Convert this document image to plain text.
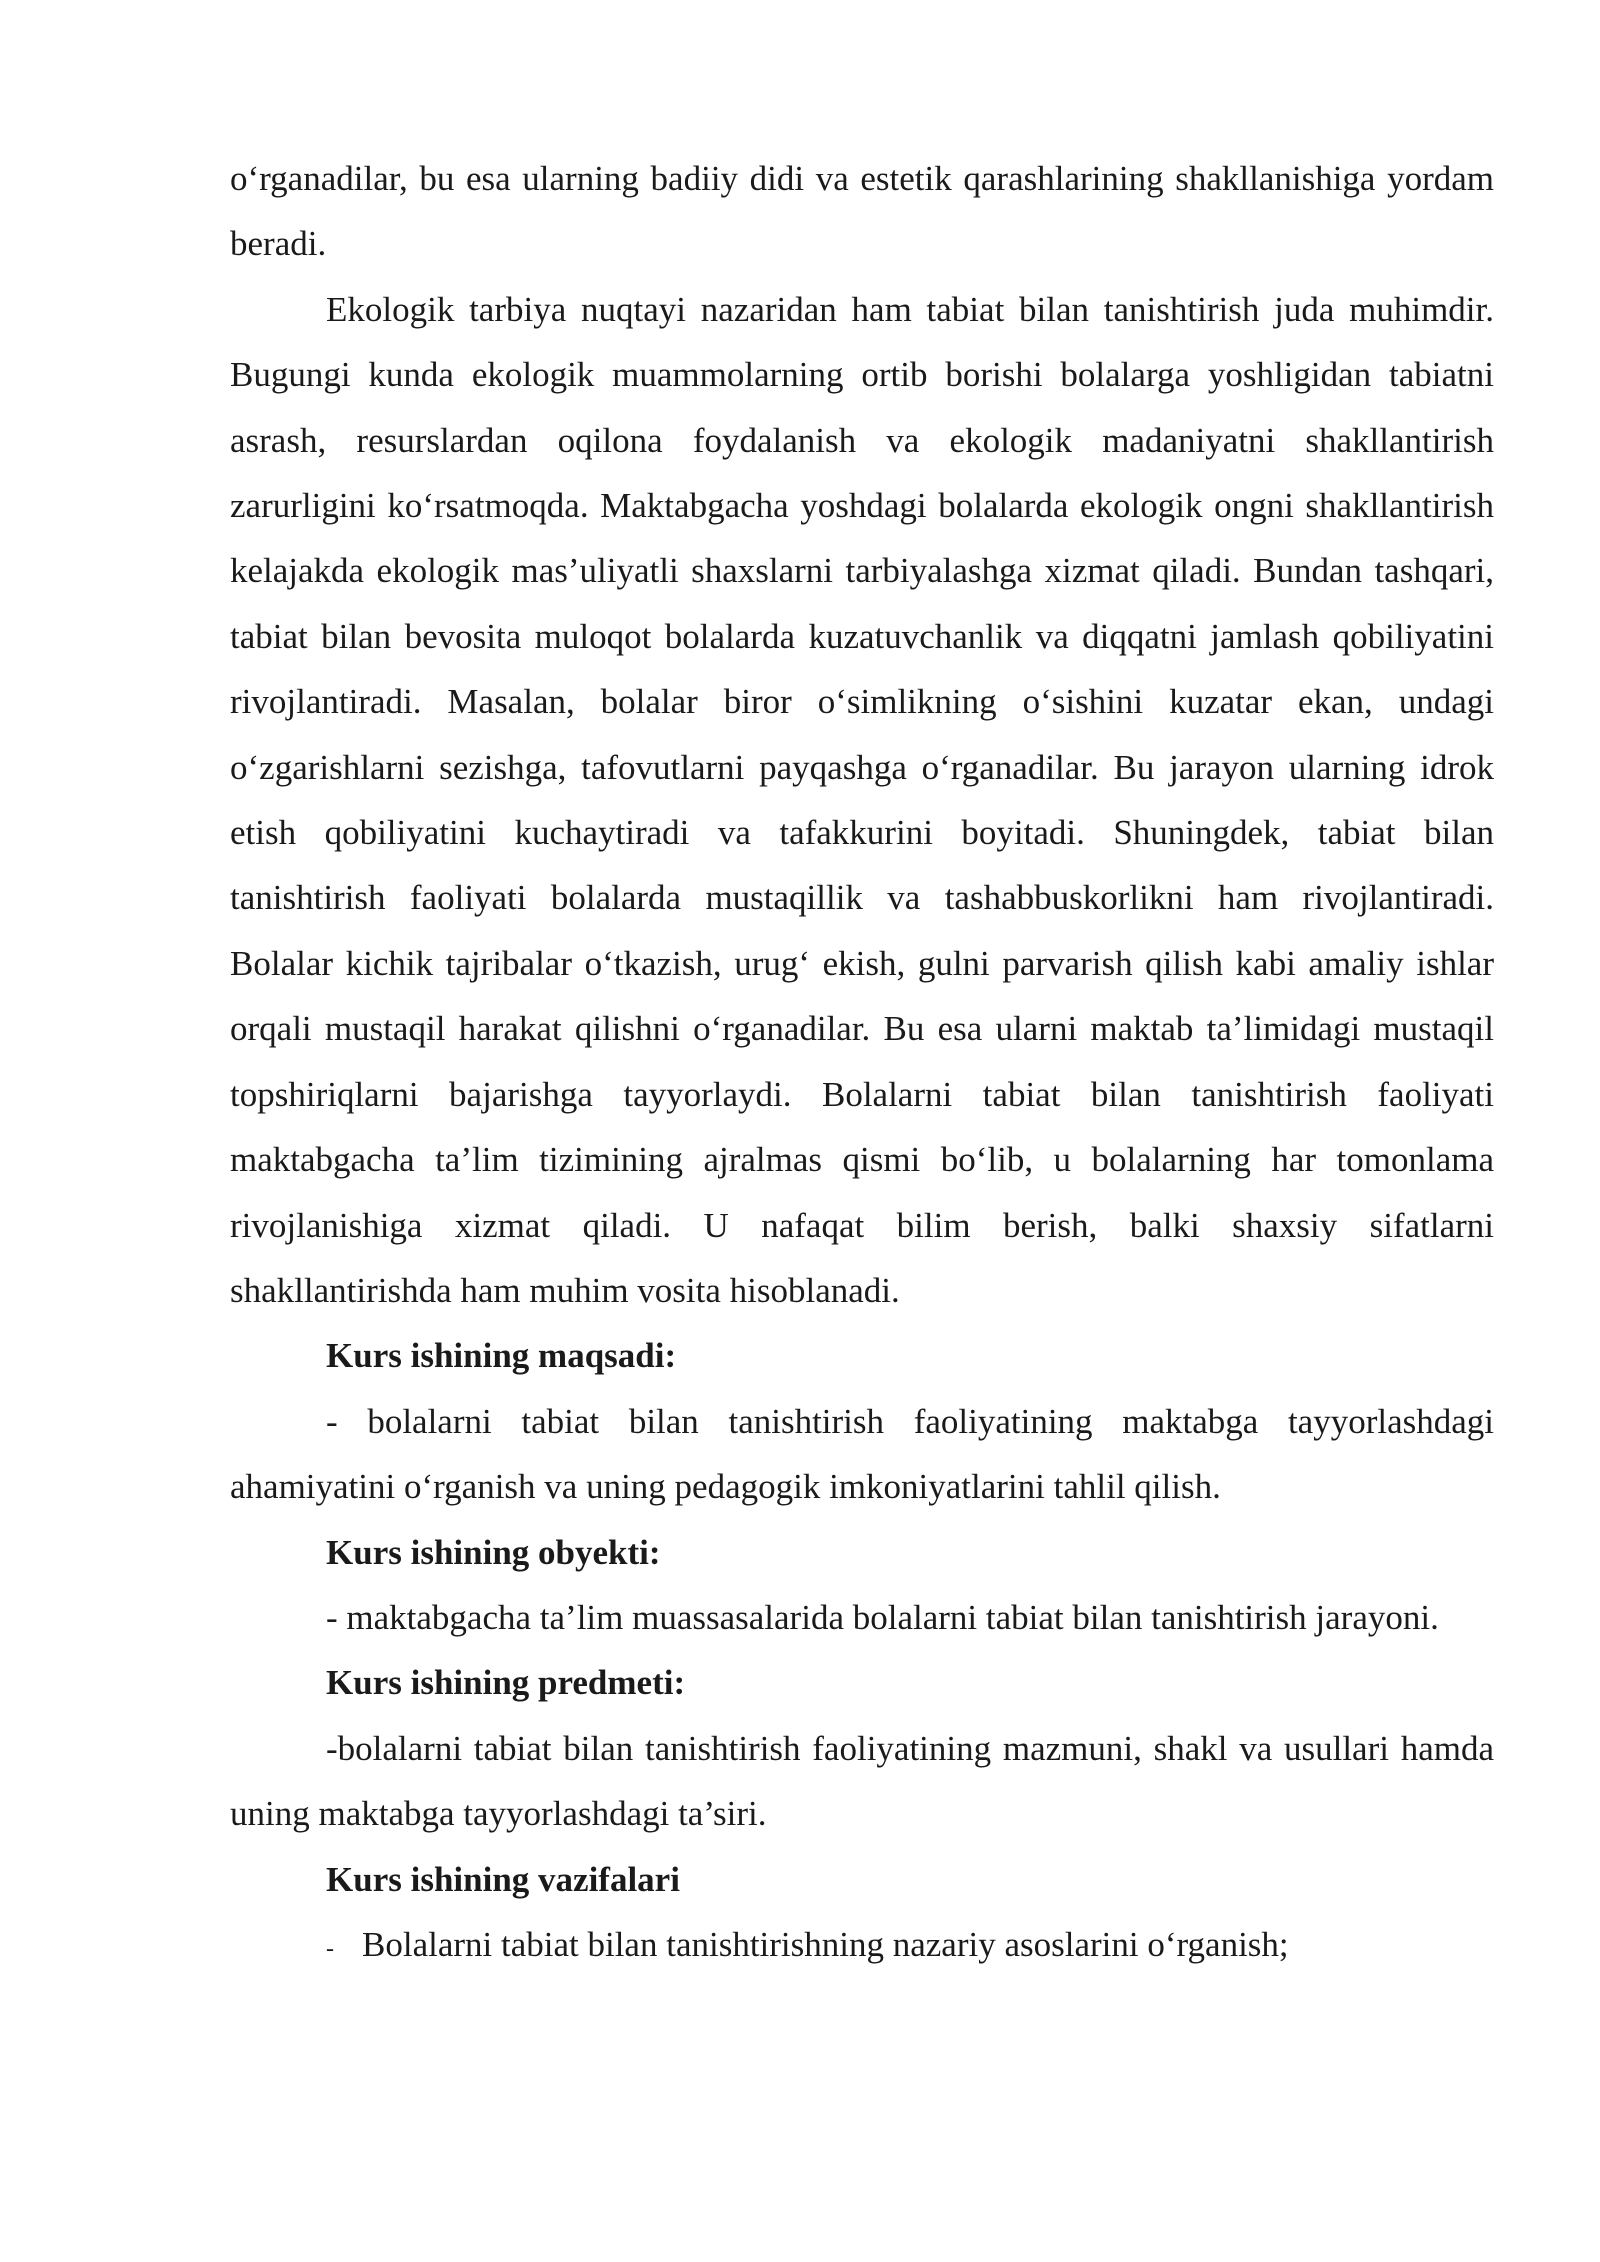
o‘rganadilar, bu esa ularning badiiy didi va estetik qarashlarining shakllanishiga yordam beradi.

Ekologik tarbiya nuqtayi nazaridan ham tabiat bilan tanishtirish juda muhimdir. Bugungi kunda ekologik muammolarning ortib borishi bolalarga yoshligidan tabiatni asrash, resurslardan oqilona foydalanish va ekologik madaniyatni shakllantirish zarurligini ko‘rsatmoqda. Maktabgacha yoshdagi bolalarda ekologik ongni shakllantirish kelajakda ekologik mas’uliyatli shaxslarni tarbiyalashga xizmat qiladi. Bundan tashqari, tabiat bilan bevosita muloqot bolalarda kuzatuvchanlik va diqqatni jamlash qobiliyatini rivojlantiradi. Masalan, bolalar biror o‘simlikning o‘sishini kuzatar ekan, undagi o‘zgarishlarni sezishga, tafovutlarni payqashga o‘rganadilar. Bu jarayon ularning idrok etish qobiliyatini kuchaytiradi va tafakkurini boyitadi. Shuningdek, tabiat bilan tanishtirish faoliyati bolalarda mustaqillik va tashabbuskorlikni ham rivojlantiradi. Bolalar kichik tajribalar o‘tkazish, urug‘ ekish, gulni parvarish qilish kabi amaliy ishlar orqali mustaqil harakat qilishni o‘rganadilar. Bu esa ularni maktab ta’limidagi mustaqil topshiriqlarni bajarishga tayyorlaydi. Bolalarni tabiat bilan tanishtirish faoliyati maktabgacha ta’lim tizimining ajralmas qismi bo‘lib, u bolalarning har tomonlama rivojlanishiga xizmat qiladi. U nafaqat bilim berish, balki shaxsiy sifatlarni shakllantirishda ham muhim vosita hisoblanadi.

Kurs ishining maqsadi:

- bolalarni tabiat bilan tanishtirish faoliyatining maktabga tayyorlashdagi ahamiyatini o‘rganish va uning pedagogik imkoniyatlarini tahlil qilish.

Kurs ishining obyekti:

- maktabgacha ta’lim muassasalarida bolalarni tabiat bilan tanishtirish jarayoni.

Kurs ishining predmeti:

-bolalarni tabiat bilan tanishtirish faoliyatining mazmuni, shakl va usullari hamda uning maktabga tayyorlashdagi ta’siri.

Kurs ishining vazifalari

- Bolalarni tabiat bilan tanishtirishning nazariy asoslarini o‘rganish;
